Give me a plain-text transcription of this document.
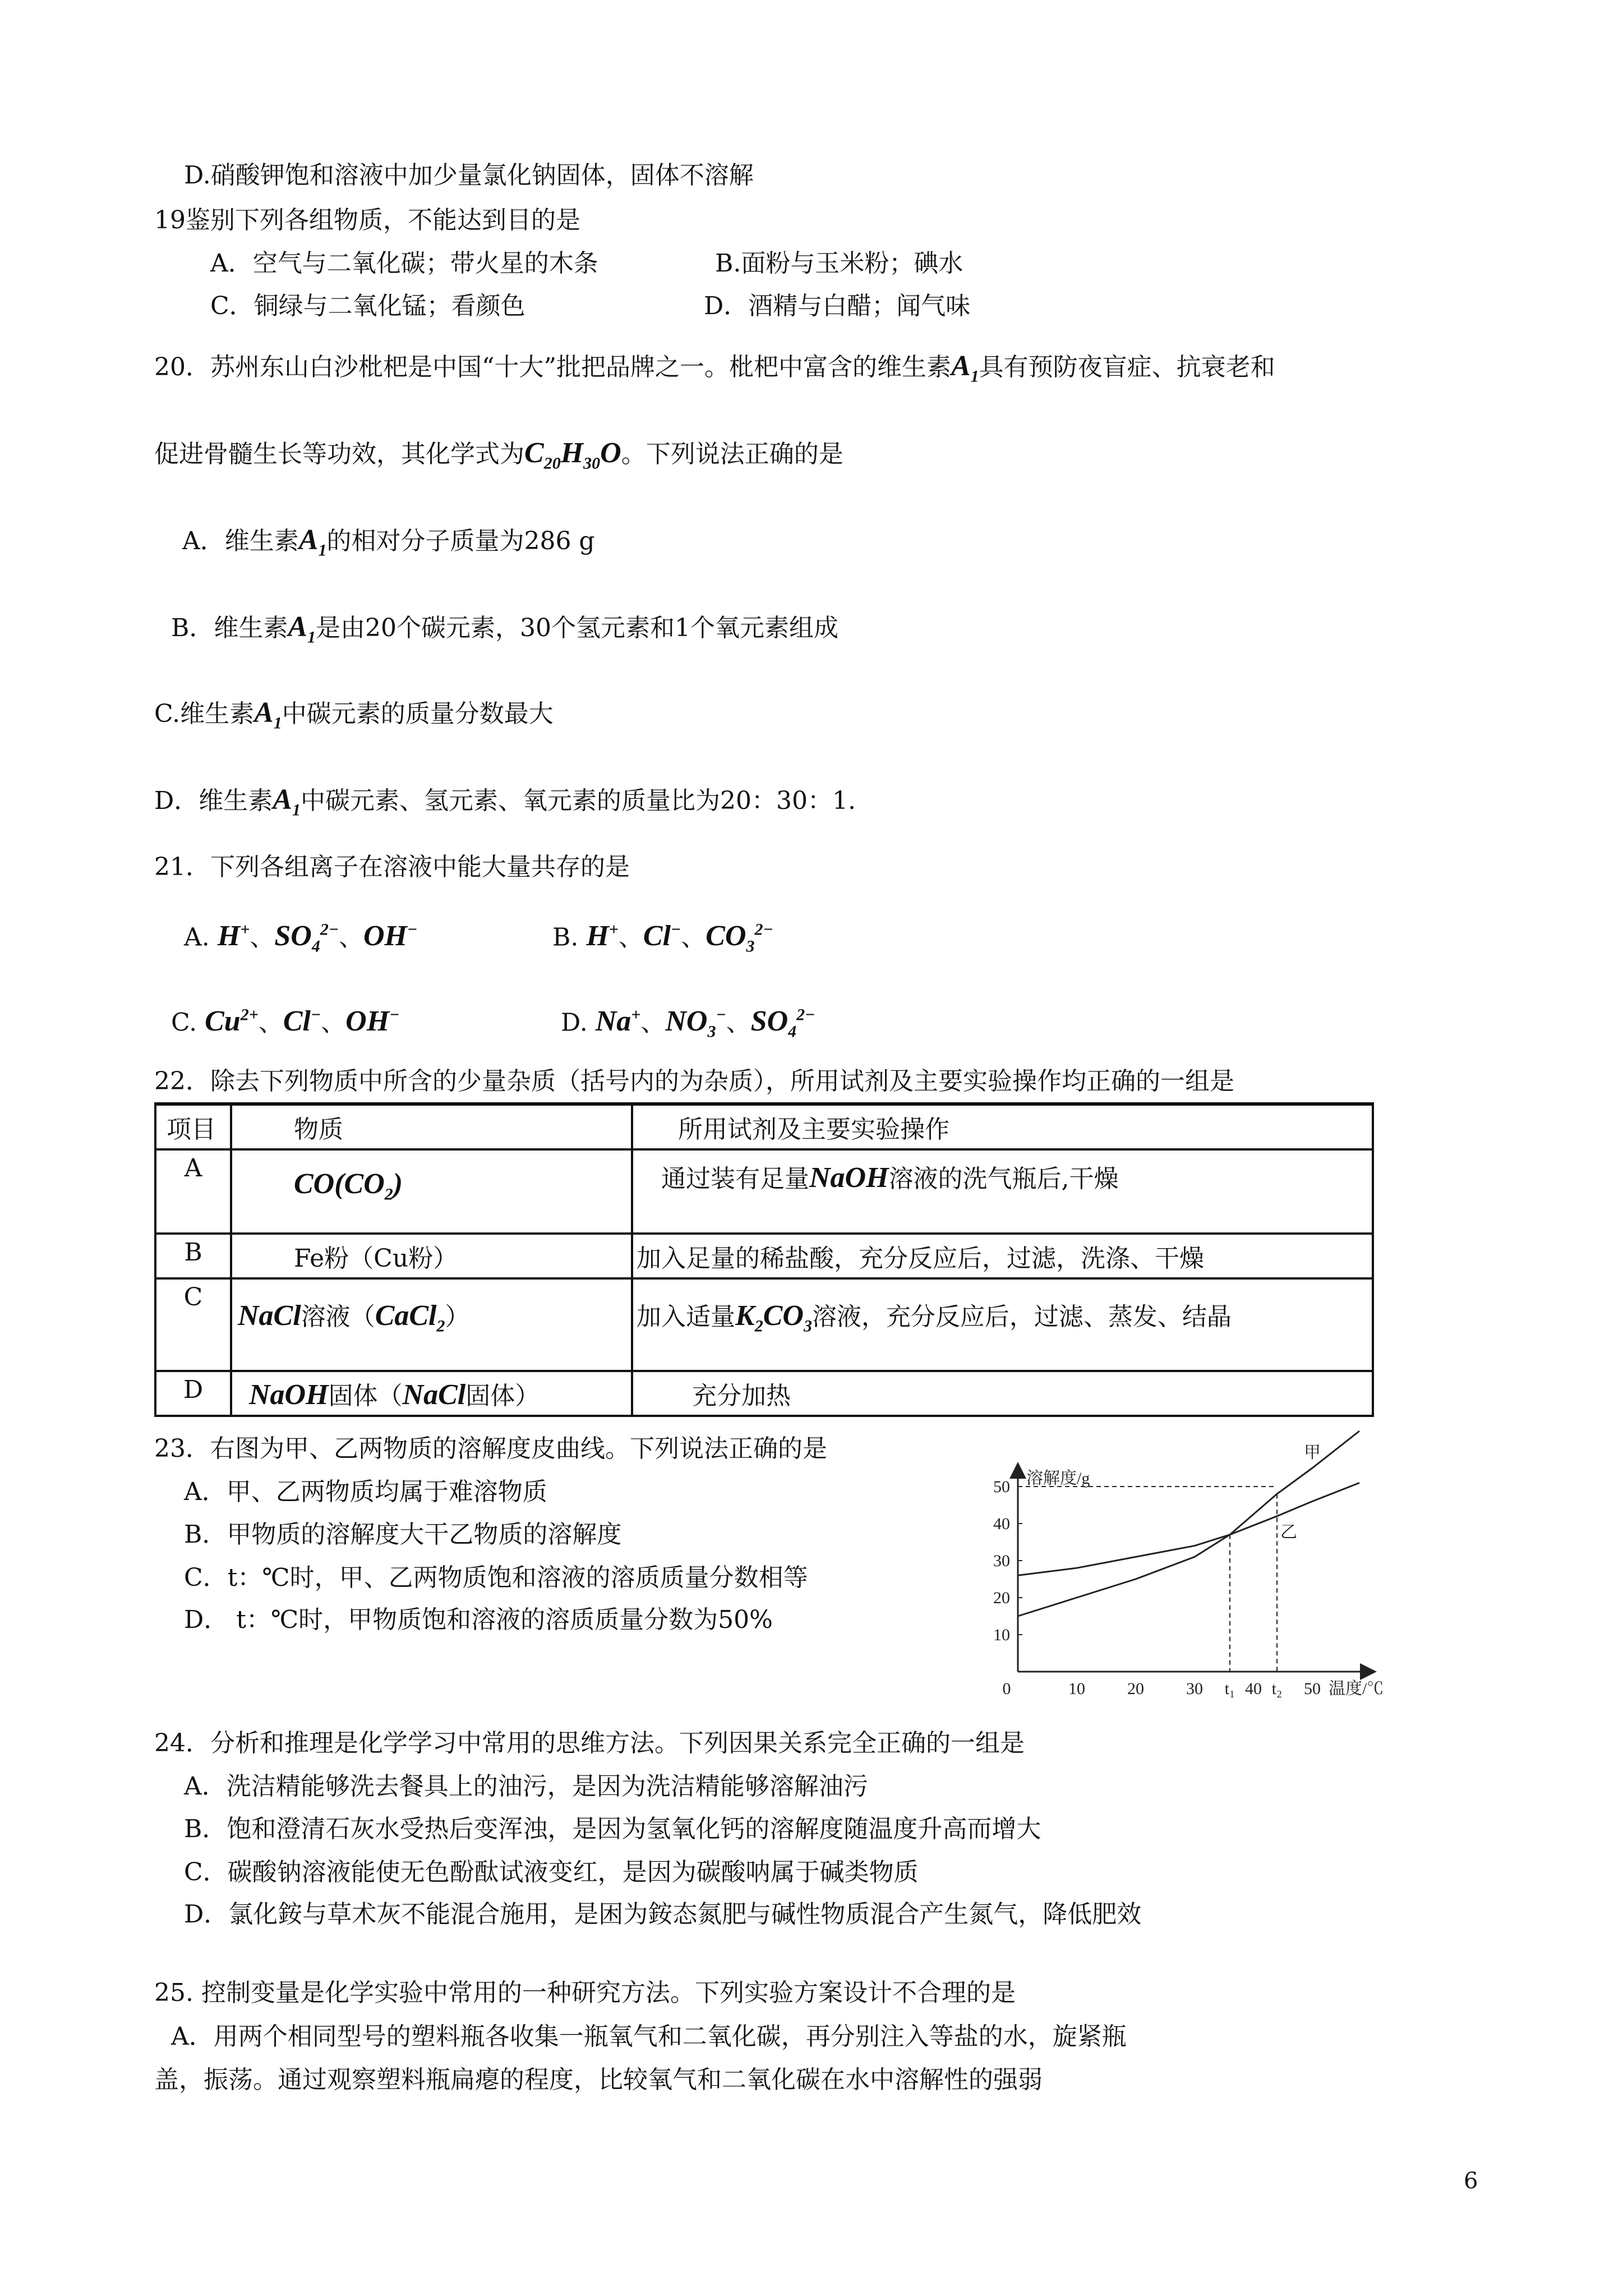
D.硝酸钾饱和溶液中加少量氯化钠固体，固体不溶解
19鉴别下列各组物质，不能达到目的是
A．空气与二氧化碳；带火星的木条	B.面粉与玉米粉；碘水
C．铜绿与二氧化锰；看颜色	D．酒精与白醋；闻气味
20．苏州东山白沙枇杷是中国“十大”批把品牌之一。枇杷中富含的维生素$A_1$具有预防夜盲症、抗衰老和
促进骨髓生长等功效，其化学式为$C_{20}H_{30}O$。下列说法正确的是
A．维生素$A_1$的相对分子质量为286 g
B．维生素$A_1$是由20个碳元素，30个氢元素和1个氧元素组成
C.维生素$A_1$中碳元素的质量分数最大
D．维生素$A_1$中碳元素、氢元素、氧元素的质量比为20：30：1.
21．下列各组离子在溶液中能大量共存的是
A. H+、$SO_4^{2-}$、OH−	B. H+、Cl−、$CO_3^{2-}$
C. $Cu^{2+}$、Cl−、OH−	D. Na+、$NO_3^-$、$SO_4^{2-}$
22．除去下列物质中所含的少量杂质（括号内的为杂质），所用试剂及主要实验操作均正确的一组是
项目	物质	所用试剂及主要实验操作
A	$CO(CO_2)$	通过装有足量NaOH溶液的洗气瓶后,干燥
B	Fe粉（Cu粉）	加入足量的稀盐酸，充分反应后，过滤，洗涤、干燥
C	NaCl溶液（CaCl$_2$）	加入适量$K_2CO_3$溶液，充分反应后，过滤、蒸发、结晶
D	NaOH固体（NaCl固体）	充分加热
23．右图为甲、乙两物质的溶解度皮曲线。下列说法正确的是
A．甲、乙两物质均属于难溶物质
B．甲物质的溶解度大干乙物质的溶解度
C．t：℃时，甲、乙两物质饱和溶液的溶质质量分数相等
D． t：℃时，甲物质饱和溶液的溶质质量分数为50%
0	10	20	30 t₁ 40 t₂ 50
10
20
30
40
50 溶解度/g
温度/℃
甲
乙
24．分析和推理是化学学习中常用的思维方法。下列因果关系完全正确的一组是
A．洗洁精能够洗去餐具上的油污，是因为洗洁精能够溶解油污
B．饱和澄清石灰水受热后变浑浊，是因为氢氧化钙的溶解度随温度升高而增大
C．碳酸钠溶液能使无色酚酞试液变红，是因为碳酸呐属于碱类物质
D．氯化銨与草术灰不能混合施用，是困为銨态氮肥与碱性物质混合产生氮气，降低肥效
25. 控制变量是化学实验中常用的一种研究方法。下列实验方案设计不合理的是
A．用两个相同型号的塑料瓶各收集一瓶氧气和二氧化碳，再分别注入等盐的水，旋紧瓶
盖，振荡。通过观察塑料瓶扁瘪的程度，比较氧气和二氧化碳在水中溶解性的强弱
6
